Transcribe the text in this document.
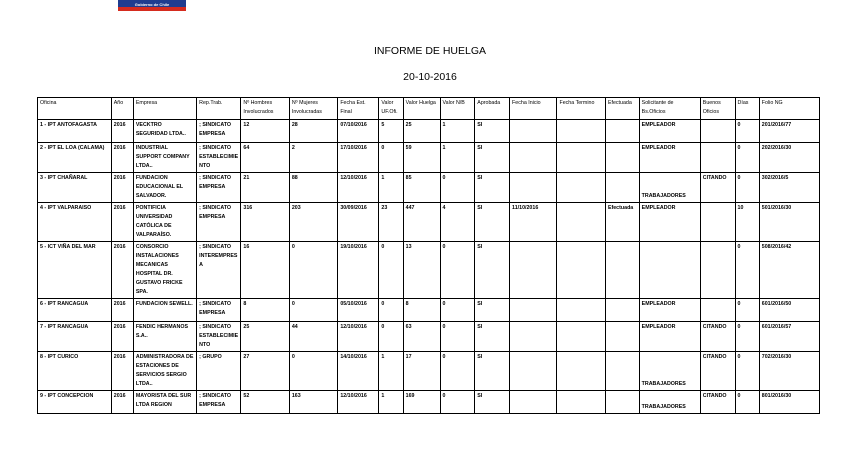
Gobierno de Chile
INFORME DE HUELGA
20-10-2016
Oficina	Año	Empresa	Rep.Trab.	Nº Hombres Involucrados	Nº Mujeres Involucradas	Fecha Est. Final	Valor UF.Ofi.	Valor Huelga	Valor N/B	Aprobada	Fecha Inicio	Fecha Termino	Efectuada	Solicitante de Bs.Oficios	Buenos Oficios	Días	Folio NG
1 - IPT ANTOFAGASTA	2016	VECKTRO SEGURIDAD LTDA..	; SINDICATO EMPRESA	12	28	07/10/2016	5	25	1	SI				EMPLEADOR		0	201/2016/77
2 - IPT EL LOA (CALAMA)	2016	INDUSTRIAL SUPPORT COMPANY LTDA..	; SINDICATO ESTABLECIMIENTO	64	2	17/10/2016	0	59	1	SI				EMPLEADOR		0	202/2016/30
3 - IPT CHAÑARAL	2016	FUNDACION EDUCACIONAL EL SALVADOR.	; SINDICATO EMPRESA	21	88	12/10/2016	1	85	0	SI				TRABAJADORES	CITANDO	0	302/2016/5
4 - IPT VALPARAISO	2016	PONTIFICIA UNIVERSIDAD CATÓLICA DE VALPARAÍSO.	; SINDICATO EMPRESA	316	203	30/09/2016	23	447	4	SI	11/10/2016		Efectuada	EMPLEADOR		10	501/2016/30
5 - ICT VIÑA DEL MAR	2016	CONSORCIO INSTALACIONES MECANICAS HOSPITAL DR. GUSTAVO FRICKE SPA.	; SINDICATO INTEREMPRESA	16	0	19/10/2016	0	13	0	SI						0	508/2016/42
6 - IPT RANCAGUA	2016	FUNDACION SEWELL.	; SINDICATO EMPRESA	8	0	05/10/2016	0	8	0	SI				EMPLEADOR		0	601/2016/50
7 - IPT RANCAGUA	2016	FENDIC HERMANOS S.A..	; SINDICATO ESTABLECIMIENTO	25	44	12/10/2016	0	63	0	SI				EMPLEADOR	CITANDO	0	601/2016/57
8 - IPT CURICO	2016	ADMINISTRADORA DE ESTACIONES DE SERVICIOS SERGIO LTDA..	; GRUPO	27	0	14/10/2016	1	17	0	SI				TRABAJADORES	CITANDO	0	702/2016/30
9 - IPT CONCEPCION	2016	MAYORISTA DEL SUR LTDA REGION	; SINDICATO EMPRESA	52	163	12/10/2016	1	169	0	SI				TRABAJADORES	CITANDO	0	801/2016/30
